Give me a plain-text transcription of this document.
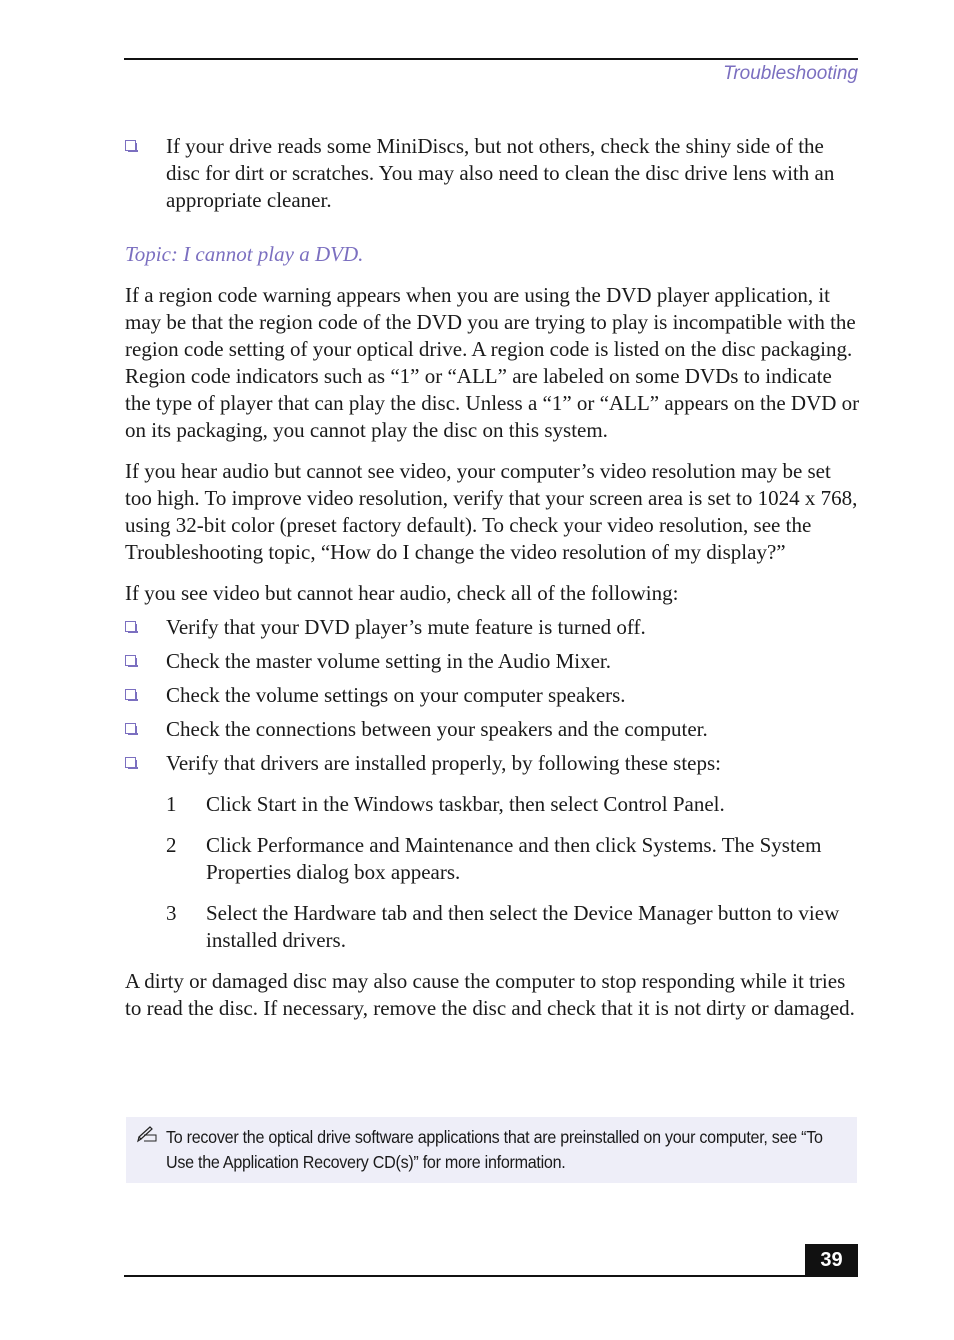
Troubleshooting

If your drive reads some MiniDiscs, but not others, check the shiny side of the disc for dirt or scratches. You may also need to clean the disc drive lens with an appropriate cleaner.

Topic: I cannot play a DVD.

If a region code warning appears when you are using the DVD player application, it may be that the region code of the DVD you are trying to play is incompatible with the region code setting of your optical drive. A region code is listed on the disc packaging. Region code indicators such as “1” or “ALL” are labeled on some DVDs to indicate the type of player that can play the disc. Unless a “1” or “ALL” appears on the DVD or on its packaging, you cannot play the disc on this system.

If you hear audio but cannot see video, your computer’s video resolution may be set too high. To improve video resolution, verify that your screen area is set to 1024 x 768, using 32-bit color (preset factory default). To check your video resolution, see the Troubleshooting topic, “How do I change the video resolution of my display?”

If you see video but cannot hear audio, check all of the following:

Verify that your DVD player’s mute feature is turned off.

Check the master volume setting in the Audio Mixer.

Check the volume settings on your computer speakers.

Check the connections between your speakers and the computer.

Verify that drivers are installed properly, by following these steps:

1 Click Start in the Windows taskbar, then select Control Panel.

2 Click Performance and Maintenance and then click Systems. The System Properties dialog box appears.

3 Select the Hardware tab and then select the Device Manager button to view installed drivers.

A dirty or damaged disc may also cause the computer to stop responding while it tries to read the disc. If necessary, remove the disc and check that it is not dirty or damaged.

To recover the optical drive software applications that are preinstalled on your computer, see “To Use the Application Recovery CD(s)” for more information.

39
